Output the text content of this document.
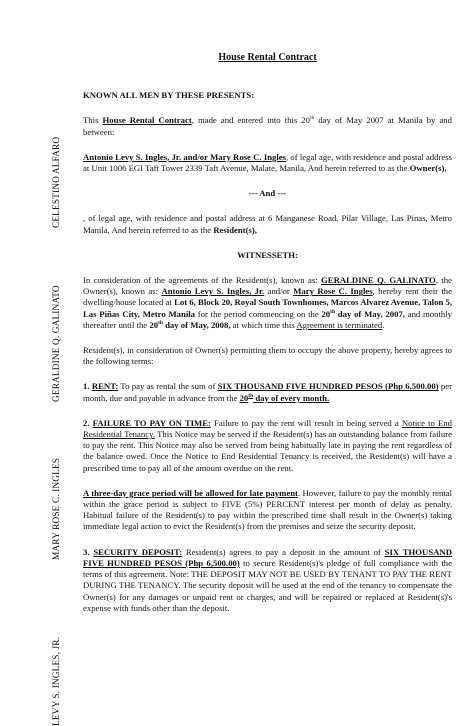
CELESTINO ALFARO
GERALDINE Q. GALINATO
MARY ROSE C. INGLES
LEVY S. INGLES, JR.
House Rental Contract

KNOWN ALL MEN BY THESE PRESENTS:

This House Rental Contract, made and entered into this 20th day of May 2007 at Manila by and between:

Antonio Levy S. Ingles, Jr. and/or Mary Rose C. Ingles, of legal age, with residence and postal address at Unit 1006 EGI Taft Tower 2339 Taft Avenue, Malate, Manila, And herein referred to as the Owner(s),

--- And ---

, of legal age, with residence and postal address at 6 Manganese Road, Pilar Village, Las Pinas, Metro Manila, And herein referred to as the Resident(s),

WITNESSETH:

In consideration of the agreements of the Resident(s), known as: GERALDINE Q. GALINATO, the Owner(s), known as: Antonio Levy S. Ingles, Jr. and/or Mary Rose C. Ingles, hereby rent their the dwelling/house located at Lot 6, Block 20, Royal South Townhomes, Marcos Alvarez Avenue, Talon 5, Las Piñas City, Metro Manila for the period commencing on the 20th day of May, 2007, and monthly thereafter until the 20th day of May, 2008, at which time this Agreement is terminated.

Resident(s), in consideration of Owner(s) permitting them to occupy the above property, hereby agrees to the following terms:

1. RENT: To pay as rental the sum of SIX THOUSAND FIVE HUNDRED PESOS (Php 6,500.00) per month, due and payable in advance from the 20th day of every month.

2. FAILURE TO PAY ON TIME: Failure to pay the rent will result in being served a Notice to End Residential Tenancy. This Notice may be served if the Resident(s) has an outstanding balance from failure to pay the rent. This Notice may also be served from being habitually late in paying the rent regardless of the balance owed. Once the Notice to End Residential Tenancy is received, the Resident(s) will have a prescribed time to pay all of the amount overdue on the rent.

A three-day grace period will be allowed for late payment. However, failure to pay the monthly rental within the grace period is subject to FIVE (5%) PERCENT interest per month of delay as penalty. Habitual failure of the Resident(s) to pay within the prescribed time shall result in the Owner(s) taking immediate legal action to evict the Resident(s) from the premises and seize the security deposit.

3. SECURITY DEPOSIT: Resident(s) agrees to pay a deposit in the amount of SIX THOUSAND FIVE HUNDRED PESOS (Php 6,500.00) to secure Resident(s)'s pledge of full compliance with the terms of this agreement. Note: THE DEPOSIT MAY NOT BE USED BY TENANT TO PAY THE RENT DURING THE TENANCY. The security deposit will be used at the end of the tenancy to compensate the Owner(s) for any damages or unpaid rent or charges, and will be repaired or replaced at Resident(s)'s expense with funds other than the deposit.
